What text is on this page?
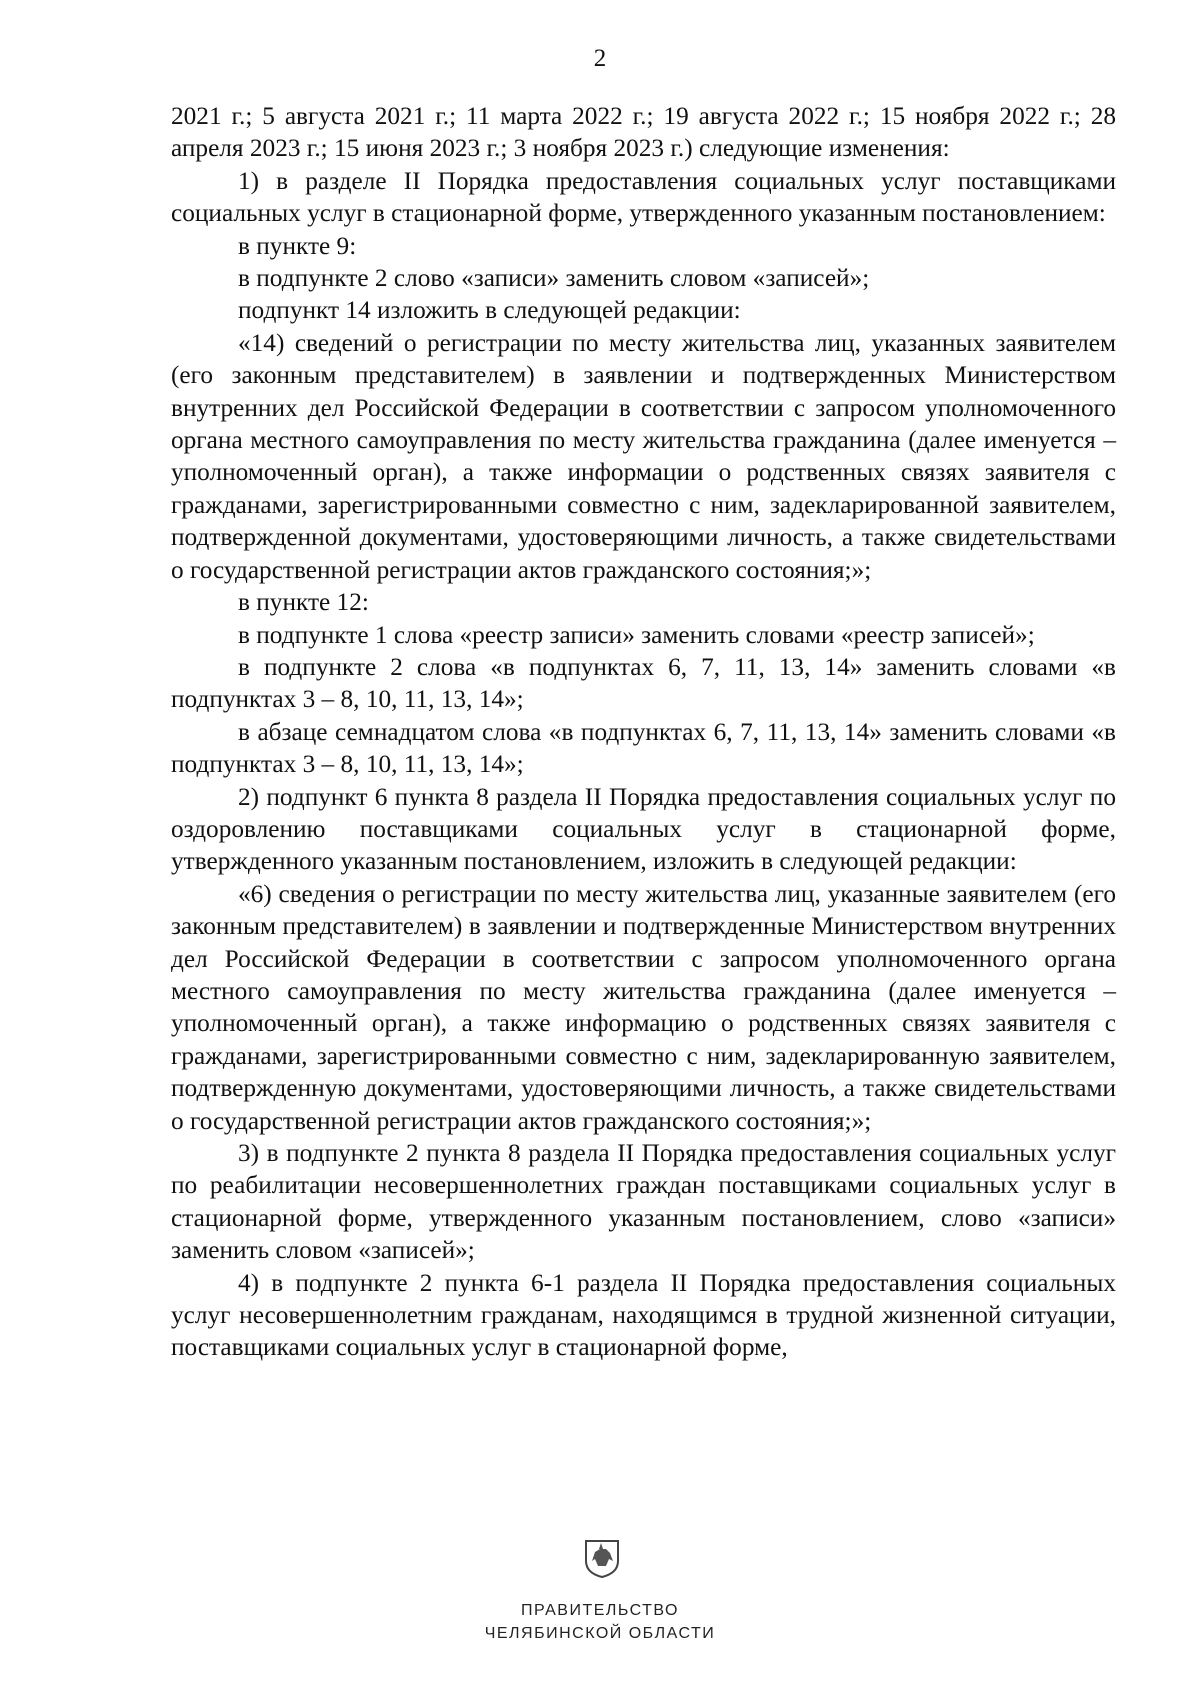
2

2021 г.; 5 августа 2021 г.; 11 марта 2022 г.; 19 августа 2022 г.; 15 ноября 2022 г.; 28 апреля 2023 г.; 15 июня 2023 г.; 3 ноября 2023 г.) следующие изменения:

1) в разделе II Порядка предоставления социальных услуг поставщиками социальных услуг в стационарной форме, утвержденного указанным постановлением:

в пункте 9:

в подпункте 2 слово «записи» заменить словом «записей»;

подпункт 14 изложить в следующей редакции:

«14) сведений о регистрации по месту жительства лиц, указанных заявителем (его законным представителем) в заявлении и подтвержденных Министерством внутренних дел Российской Федерации в соответствии с запросом уполномоченного органа местного самоуправления по месту жительства гражданина (далее именуется – уполномоченный орган), а также информации о родственных связях заявителя с гражданами, зарегистрированными совместно с ним, задекларированной заявителем, подтвержденной документами, удостоверяющими личность, а также свидетельствами о государственной регистрации актов гражданского состояния;»;

в пункте 12:

в подпункте 1 слова «реестр записи» заменить словами «реестр записей»;

в подпункте 2 слова «в подпунктах 6, 7, 11, 13, 14» заменить словами «в подпунктах 3 – 8, 10, 11, 13, 14»;

в абзаце семнадцатом слова «в подпунктах 6, 7, 11, 13, 14» заменить словами «в подпунктах 3 – 8, 10, 11, 13, 14»;

2) подпункт 6 пункта 8 раздела II Порядка предоставления социальных услуг по оздоровлению поставщиками социальных услуг в стационарной форме, утвержденного указанным постановлением, изложить в следующей редакции:

«6) сведения о регистрации по месту жительства лиц, указанные заявителем (его законным представителем) в заявлении и подтвержденные Министерством внутренних дел Российской Федерации в соответствии с запросом уполномоченного органа местного самоуправления по месту жительства гражданина (далее именуется – уполномоченный орган), а также информацию о родственных связях заявителя с гражданами, зарегистрированными совместно с ним, задекларированную заявителем, подтвержденную документами, удостоверяющими личность, а также свидетельствами о государственной регистрации актов гражданского состояния;»;

3) в подпункте 2 пункта 8 раздела II Порядка предоставления социальных услуг по реабилитации несовершеннолетних граждан поставщиками социальных услуг в стационарной форме, утвержденного указанным постановлением, слово «записи» заменить словом «записей»;

4) в подпункте 2 пункта 6-1 раздела II Порядка предоставления социальных услуг несовершеннолетним гражданам, находящимся в трудной жизненной ситуации, поставщиками социальных услуг в стационарной форме,

ПРАВИТЕЛЬСТВО
ЧЕЛЯБИНСКОЙ ОБЛАСТИ
